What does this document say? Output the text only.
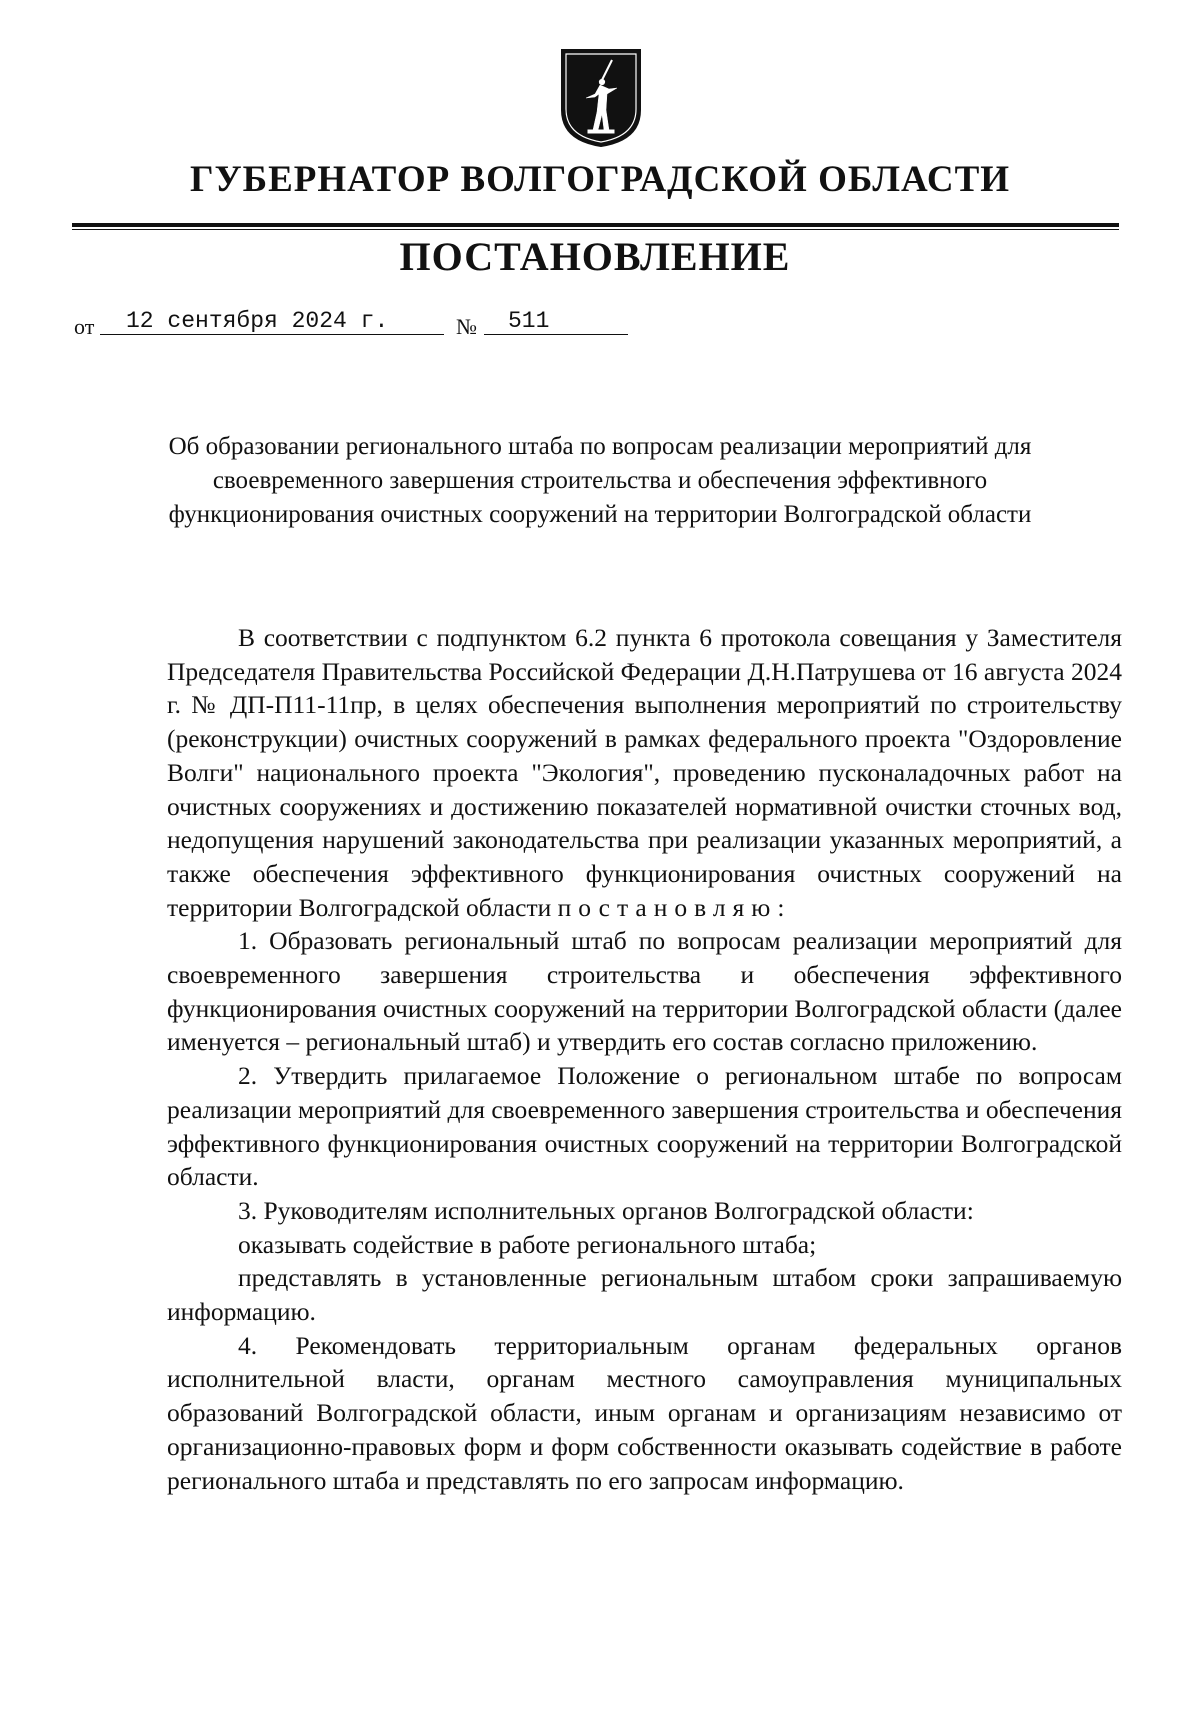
ГУБЕРНАТОР ВОЛГОГРАДСКОЙ ОБЛАСТИ
ПОСТАНОВЛЕНИЕ
от	12 сентября 2024 г.	№	511
Об образовании регионального штаба по вопросам реализации мероприятий для своевременного завершения строительства и обеспечения эффективного функционирования очистных сооружений на территории Волгоградской области

В соответствии с подпунктом 6.2 пункта 6 протокола совещания у Заместителя Председателя Правительства Российской Федерации Д.Н.Патрушева от 16 августа 2024 г. № ДП-П11-11пр, в целях обеспечения выполнения мероприятий по строительству (реконструкции) очистных сооружений в рамках федерального проекта "Оздоровление Волги" национального проекта "Экология", проведению пусконаладочных работ на очистных сооружениях и достижению показателей нормативной очистки сточных вод, недопущения нарушений законодательства при реализации указанных мероприятий, а также обеспечения эффективного функционирования очистных сооружений на территории Волгоградской области постановляю:

1. Образовать региональный штаб по вопросам реализации мероприятий для своевременного завершения строительства и обеспечения эффективного функционирования очистных сооружений на территории Волгоградской области (далее именуется – региональный штаб) и утвердить его состав согласно приложению.

2. Утвердить прилагаемое Положение о региональном штабе по вопросам реализации мероприятий для своевременного завершения строительства и обеспечения эффективного функционирования очистных сооружений на территории Волгоградской области.

3. Руководителям исполнительных органов Волгоградской области:

оказывать содействие в работе регионального штаба;

представлять в установленные региональным штабом сроки запрашиваемую информацию.

4. Рекомендовать территориальным органам федеральных органов исполнительной власти, органам местного самоуправления муниципальных образований Волгоградской области, иным органам и организациям независимо от организационно-правовых форм и форм собственности оказывать содействие в работе регионального штаба и представлять по его запросам информацию.
